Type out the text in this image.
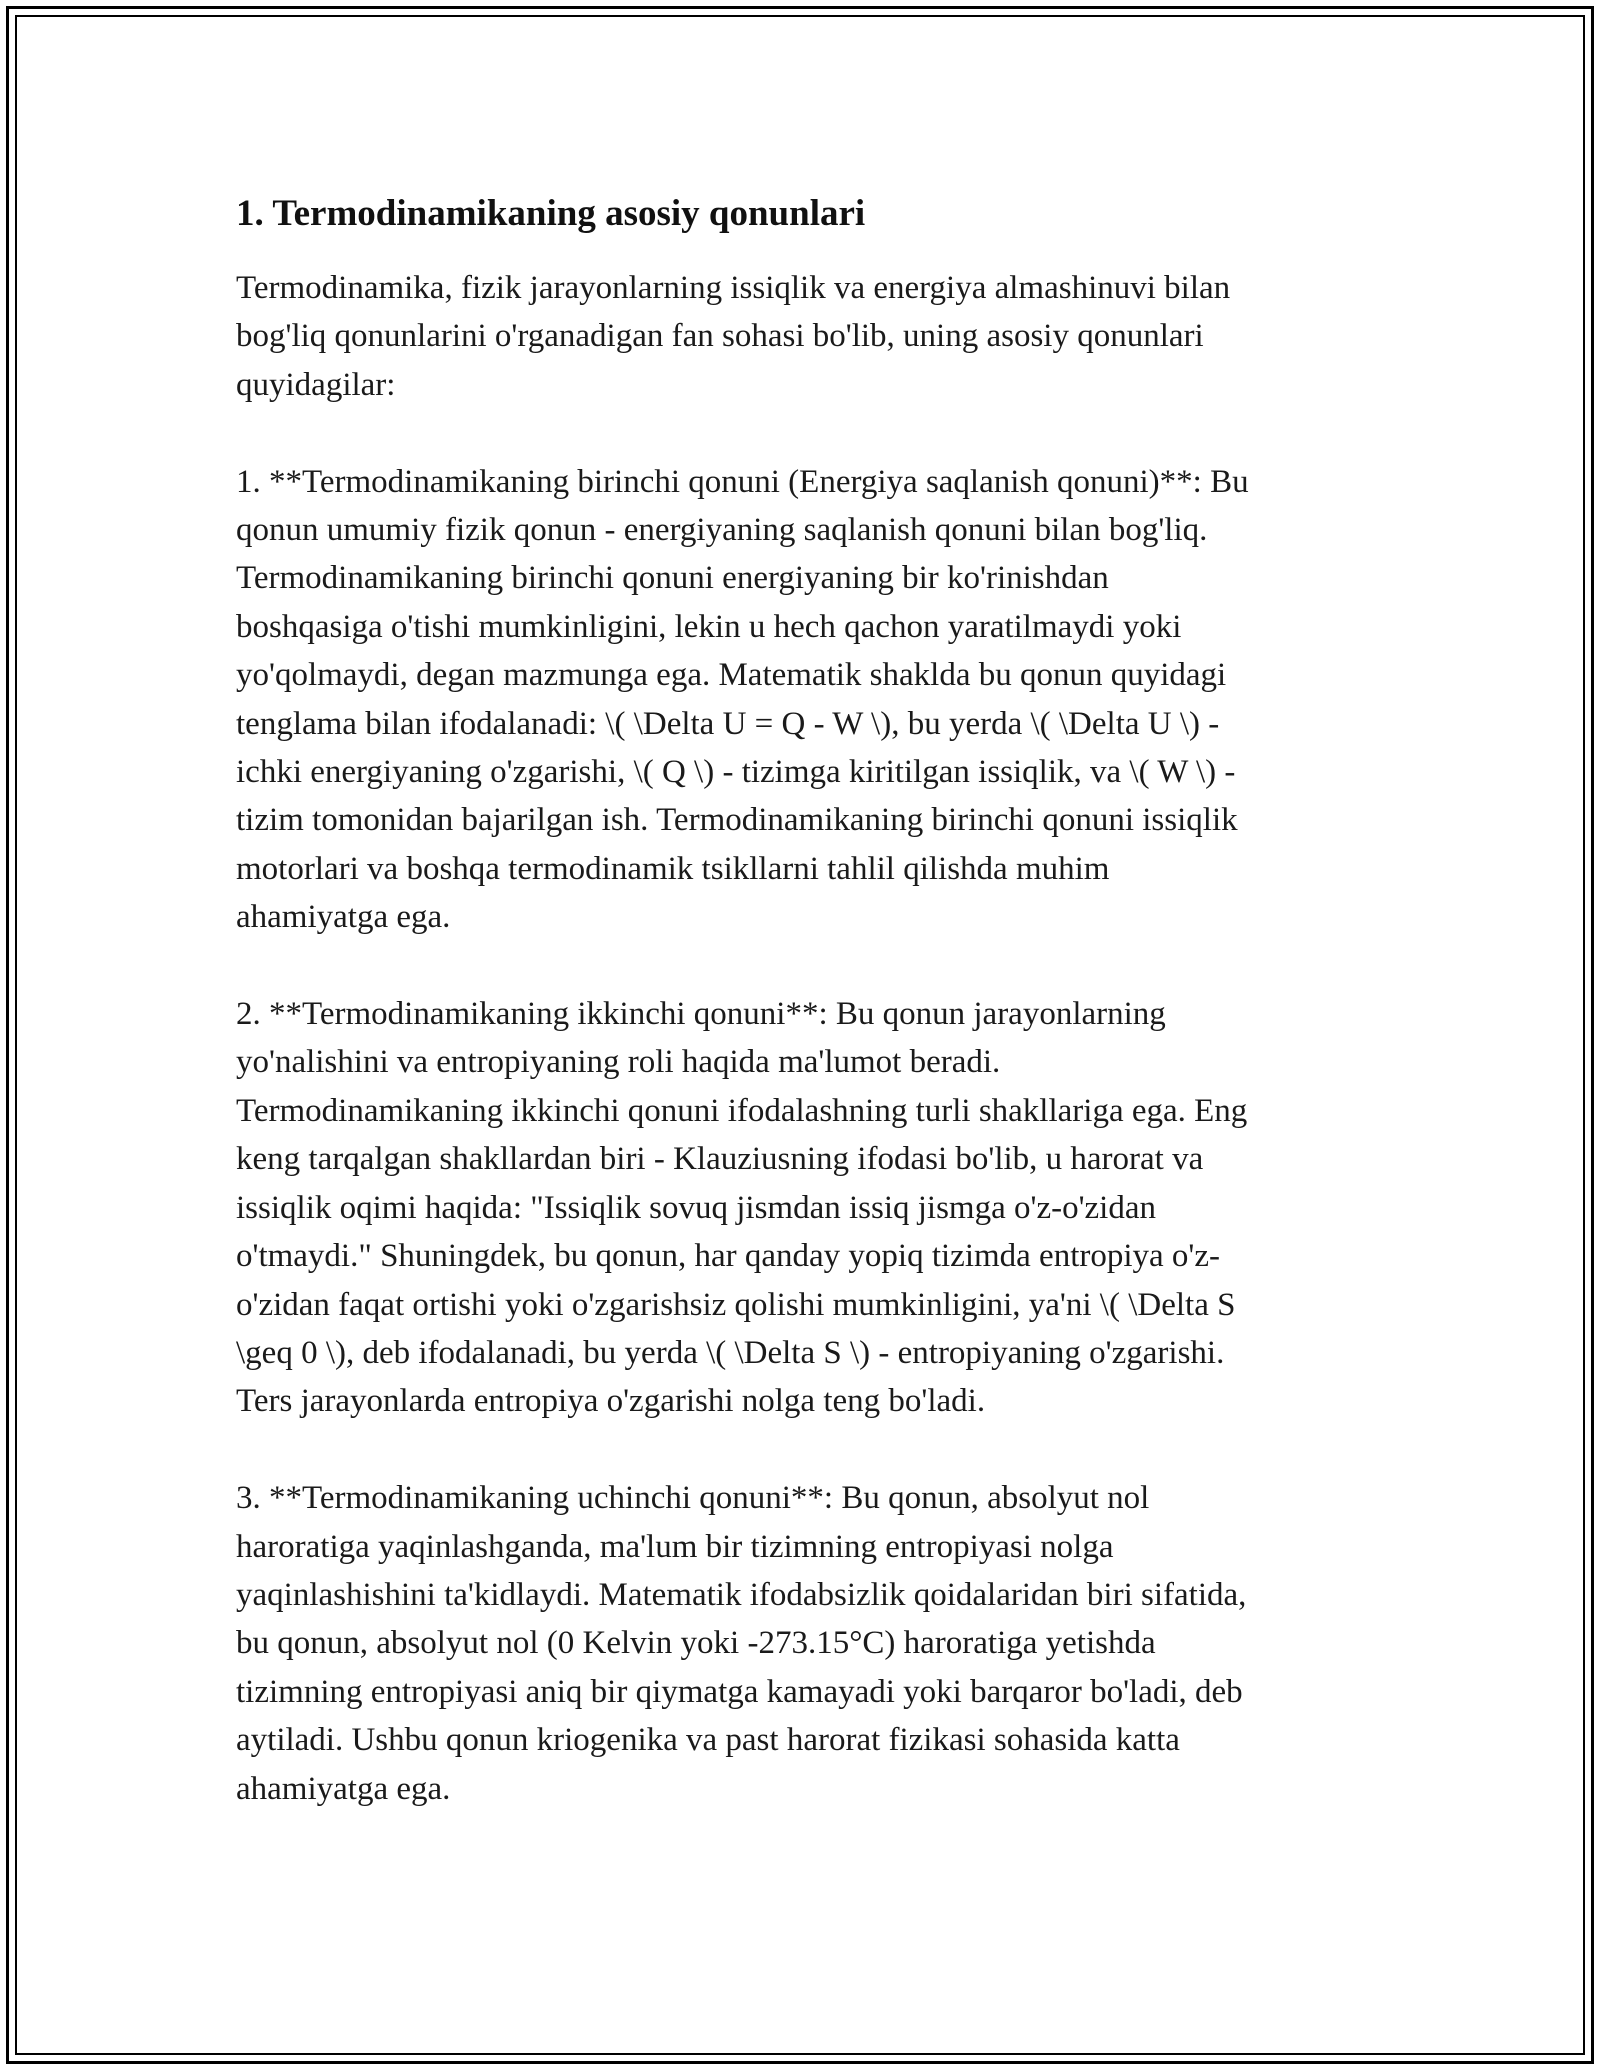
1. Termodinamikaning asosiy qonunlari

Termodinamika, fizik jarayonlarning issiqlik va energiya almashinuvi bilan
bog'liq qonunlarini o'rganadigan fan sohasi bo'lib, uning asosiy qonunlari
quyidagilar:

1. **Termodinamikaning birinchi qonuni (Energiya saqlanish qonuni)**: Bu
qonun umumiy fizik qonun - energiyaning saqlanish qonuni bilan bog'liq.
Termodinamikaning birinchi qonuni energiyaning bir ko'rinishdan
boshqasiga o'tishi mumkinligini, lekin u hech qachon yaratilmaydi yoki
yo'qolmaydi, degan mazmunga ega. Matematik shaklda bu qonun quyidagi
tenglama bilan ifodalanadi: \( \Delta U = Q - W \), bu yerda \( \Delta U \) -
ichki energiyaning o'zgarishi, \( Q \) - tizimga kiritilgan issiqlik, va \( W \) -
tizim tomonidan bajarilgan ish. Termodinamikaning birinchi qonuni issiqlik
motorlari va boshqa termodinamik tsikllarni tahlil qilishda muhim
ahamiyatga ega.

2. **Termodinamikaning ikkinchi qonuni**: Bu qonun jarayonlarning
yo'nalishini va entropiyaning roli haqida ma'lumot beradi.
Termodinamikaning ikkinchi qonuni ifodalashning turli shakllariga ega. Eng
keng tarqalgan shakllardan biri - Klauziusning ifodasi bo'lib, u harorat va
issiqlik oqimi haqida: "Issiqlik sovuq jismdan issiq jismga o'z-o'zidan
o'tmaydi." Shuningdek, bu qonun, har qanday yopiq tizimda entropiya o'z-
o'zidan faqat ortishi yoki o'zgarishsiz qolishi mumkinligini, ya'ni \( \Delta S
\geq 0 \), deb ifodalanadi, bu yerda \( \Delta S \) - entropiyaning o'zgarishi.
Ters jarayonlarda entropiya o'zgarishi nolga teng bo'ladi.

3. **Termodinamikaning uchinchi qonuni**: Bu qonun, absolyut nol
haroratiga yaqinlashganda, ma'lum bir tizimning entropiyasi nolga
yaqinlashishini ta'kidlaydi. Matematik ifodabsizlik qoidalaridan biri sifatida,
bu qonun, absolyut nol (0 Kelvin yoki -273.15°C) haroratiga yetishda
tizimning entropiyasi aniq bir qiymatga kamayadi yoki barqaror bo'ladi, deb
aytiladi. Ushbu qonun kriogenika va past harorat fizikasi sohasida katta
ahamiyatga ega.
